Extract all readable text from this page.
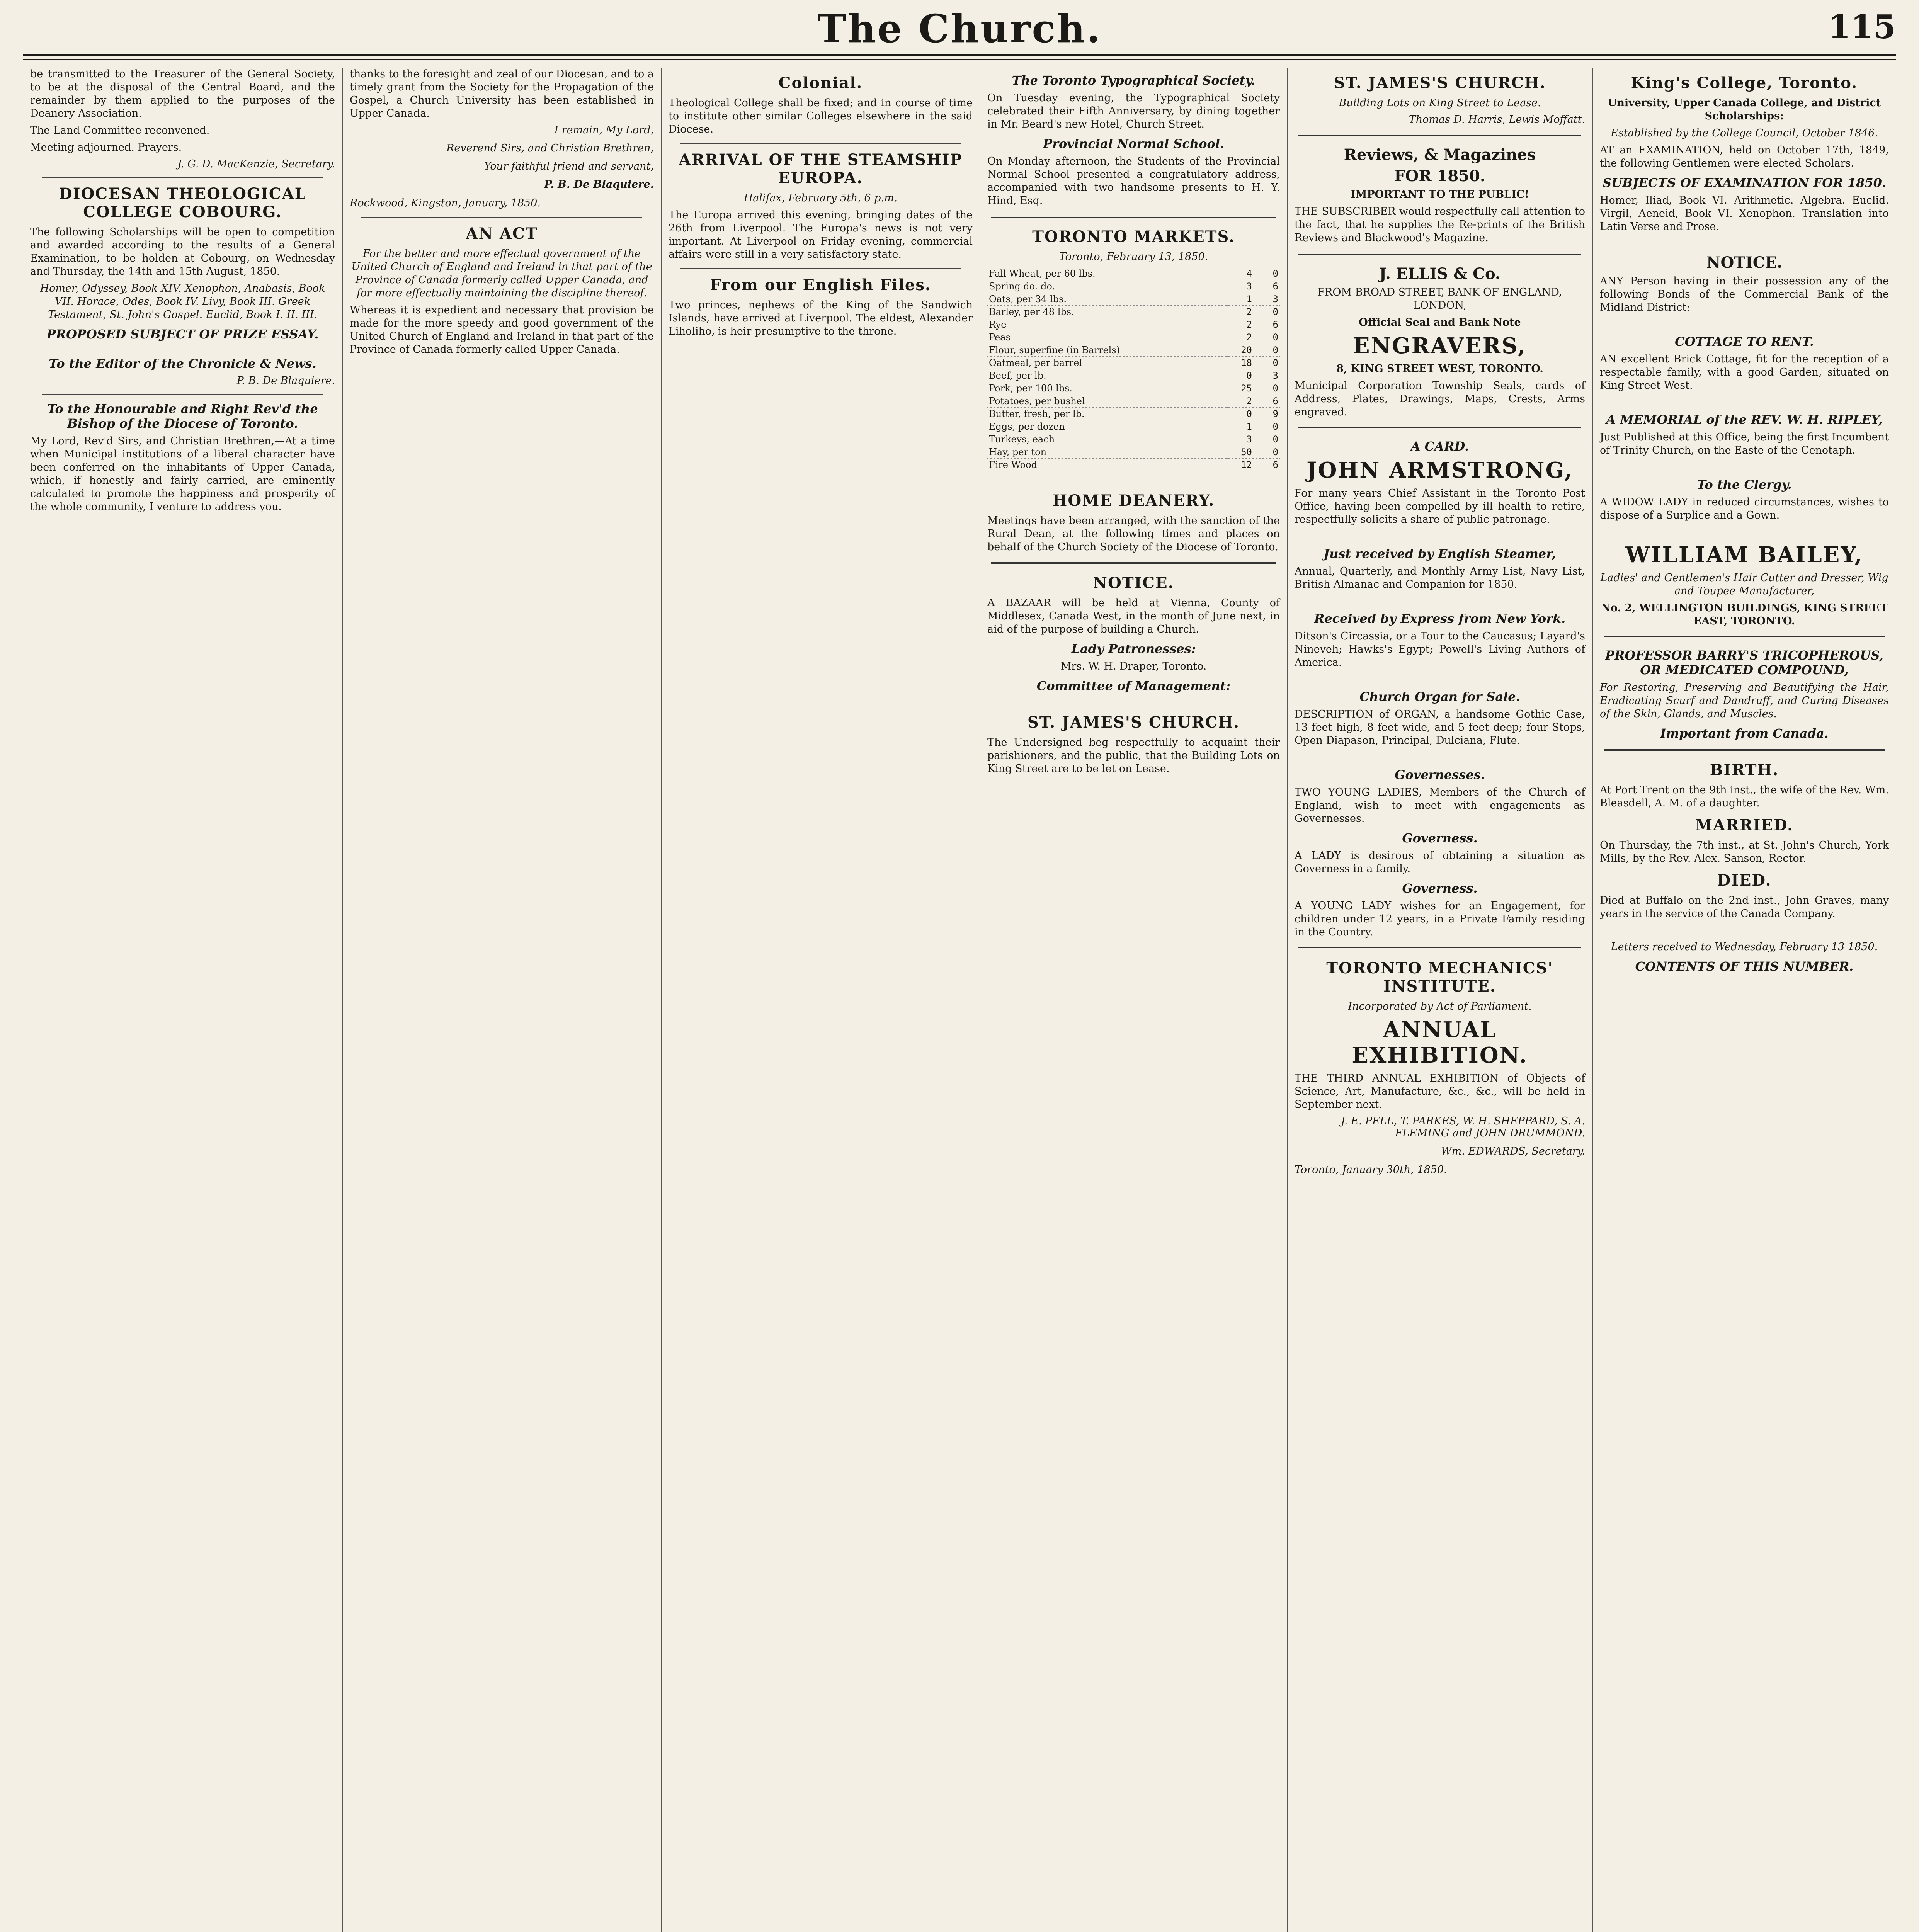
The Church.	115

be transmitted to the Treasurer of the General Society, to be at the disposal of the Central Board, and the remainder by them applied to the purposes of the Deanery Association.

The Land Committee reconvened.

Meeting adjourned. Prayers.

J. G. D. MacKenzie, Secretary.
DIOCESAN THEOLOGICAL COLLEGE COBOURG.

The following Scholarships will be open to competition and awarded according to the results of a General Examination, to be holden at Cobourg, on Wednesday and Thursday, the 14th and 15th August, 1850.

Homer, Odyssey, Book XIV. Xenophon, Anabasis, Book VII. Horace, Odes, Book IV. Livy, Book III. Greek Testament, St. John's Gospel. Euclid, Book I. II. III.

PROPOSED SUBJECT OF PRIZE ESSAY.
To the Editor of the Chronicle & News.
P. B. De Blaquiere.
To the Honourable and Right Rev'd the Bishop of the Diocese of Toronto.

My Lord, Rev'd Sirs, and Christian Brethren,—At a time when Municipal institutions of a liberal character have been conferred on the inhabitants of Upper Canada, which, if honestly and fairly carried, are eminently calculated to promote the happiness and prosperity of the whole community, I venture to address you.

thanks to the foresight and zeal of our Diocesan, and to a timely grant from the Society for the Propagation of the Gospel, a Church University has been established in Upper Canada.

I remain, My Lord,
Reverend Sirs, and Christian Brethren,
Your faithful friend and servant,
P. B. De Blaquiere.

Rockwood, Kingston, January, 1850.

AN ACT

For the better and more effectual government of the United Church of England and Ireland in that part of the Province of Canada formerly called Upper Canada, and for more effectually maintaining the discipline thereof.

Whereas it is expedient and necessary that provision be made for the more speedy and good government of the United Church of England and Ireland in that part of the Province of Canada formerly called Upper Canada.

Colonial.

Theological College shall be fixed; and in course of time to institute other similar Colleges elsewhere in the said Diocese.

ARRIVAL OF THE STEAMSHIP EUROPA.

Halifax, February 5th, 6 p.m.

The Europa arrived this evening, bringing dates of the 26th from Liverpool. The Europa's news is not very important. At Liverpool on Friday evening, commercial affairs were still in a very satisfactory state.

From our English Files.

Two princes, nephews of the King of the Sandwich Islands, have arrived at Liverpool. The eldest, Alexander Liholiho, is heir presumptive to the throne.

The Toronto Typographical Society.

On Tuesday evening, the Typographical Society celebrated their Fifth Anniversary, by dining together in Mr. Beard's new Hotel, Church Street.

Provincial Normal School.

On Monday afternoon, the Students of the Provincial Normal School presented a congratulatory address, accompanied with two handsome presents to H. Y. Hind, Esq.

TORONTO MARKETS.

Toronto, February 13, 1850.

Fall Wheat, per 60 lbs.	4	0
Spring do. do.	3	6
Oats, per 34 lbs.	1	3
Barley, per 48 lbs.	2	0
Rye	2	6
Peas	2	0
Flour, superfine (in Barrels)	20	0
Oatmeal, per barrel	18	0
Beef, per lb.	0	3
Pork, per 100 lbs.	25	0
Potatoes, per bushel	2	6
Butter, fresh, per lb.	0	9
Eggs, per dozen	1	0
Turkeys, each	3	0
Hay, per ton	50	0
Fire Wood	12	6
HOME DEANERY.

Meetings have been arranged, with the sanction of the Rural Dean, at the following times and places on behalf of the Church Society of the Diocese of Toronto.

NOTICE.

A BAZAAR will be held at Vienna, County of Middlesex, Canada West, in the month of June next, in aid of the purpose of building a Church.

Lady Patronesses:

Mrs. W. H. Draper, Toronto.

Committee of Management:
ST. JAMES'S CHURCH.

The Undersigned beg respectfully to acquaint their parishioners, and the public, that the Building Lots on King Street are to be let on Lease.

ST. JAMES'S CHURCH.

Building Lots on King Street to Lease.

Thomas D. Harris, Lewis Moffatt.
Reviews, & Magazines
FOR 1850.

IMPORTANT TO THE PUBLIC!

THE SUBSCRIBER would respectfully call attention to the fact, that he supplies the Re-prints of the British Reviews and Blackwood's Magazine.

J. ELLIS & Co.

FROM BROAD STREET, BANK OF ENGLAND, LONDON,

Official Seal and Bank Note

ENGRAVERS,

8, KING STREET WEST, TORONTO.

Municipal Corporation Township Seals, cards of Address, Plates, Drawings, Maps, Crests, Arms engraved.

A CARD.
JOHN ARMSTRONG,

For many years Chief Assistant in the Toronto Post Office, having been compelled by ill health to retire, respectfully solicits a share of public patronage.

Just received by English Steamer,

Annual, Quarterly, and Monthly Army List, Navy List, British Almanac and Companion for 1850.

Received by Express from New York.

Ditson's Circassia, or a Tour to the Caucasus; Layard's Nineveh; Hawks's Egypt; Powell's Living Authors of America.

Church Organ for Sale.

DESCRIPTION of ORGAN, a handsome Gothic Case, 13 feet high, 8 feet wide, and 5 feet deep; four Stops, Open Diapason, Principal, Dulciana, Flute.

Governesses.

TWO YOUNG LADIES, Members of the Church of England, wish to meet with engagements as Governesses.

Governess.

A LADY is desirous of obtaining a situation as Governess in a family.

Governess.

A YOUNG LADY wishes for an Engagement, for children under 12 years, in a Private Family residing in the Country.

TORONTO MECHANICS' INSTITUTE.

Incorporated by Act of Parliament.

ANNUAL EXHIBITION.

THE THIRD ANNUAL EXHIBITION of Objects of Science, Art, Manufacture, &c., &c., will be held in September next.

J. E. PELL, T. PARKES, W. H. SHEPPARD, S. A. FLEMING and JOHN DRUMMOND.
Wm. EDWARDS, Secretary.

Toronto, January 30th, 1850.

King's College, Toronto.

University, Upper Canada College, and District Scholarships:

Established by the College Council, October 1846.

AT an EXAMINATION, held on October 17th, 1849, the following Gentlemen were elected Scholars.

SUBJECTS OF EXAMINATION FOR 1850.

Homer, Iliad, Book VI. Arithmetic. Algebra. Euclid. Virgil, Aeneid, Book VI. Xenophon. Translation into Latin Verse and Prose.

NOTICE.

ANY Person having in their possession any of the following Bonds of the Commercial Bank of the Midland District:

COTTAGE TO RENT.

AN excellent Brick Cottage, fit for the reception of a respectable family, with a good Garden, situated on King Street West.

A MEMORIAL of the REV. W. H. RIPLEY,

Just Published at this Office, being the first Incumbent of Trinity Church, on the Easte of the Cenotaph.

To the Clergy.

A WIDOW LADY in reduced circumstances, wishes to dispose of a Surplice and a Gown.

WILLIAM BAILEY,

Ladies' and Gentlemen's Hair Cutter and Dresser, Wig and Toupee Manufacturer,

No. 2, WELLINGTON BUILDINGS, KING STREET EAST, TORONTO.

PROFESSOR BARRY'S TRICOPHEROUS, OR MEDICATED COMPOUND,

For Restoring, Preserving and Beautifying the Hair, Eradicating Scurf and Dandruff, and Curing Diseases of the Skin, Glands, and Muscles.

Important from Canada.
BIRTH.

At Port Trent on the 9th inst., the wife of the Rev. Wm. Bleasdell, A. M. of a daughter.

MARRIED.

On Thursday, the 7th inst., at St. John's Church, York Mills, by the Rev. Alex. Sanson, Rector.

DIED.

Died at Buffalo on the 2nd inst., John Graves, many years in the service of the Canada Company.

Letters received to Wednesday, February 13 1850.

CONTENTS OF THIS NUMBER.
